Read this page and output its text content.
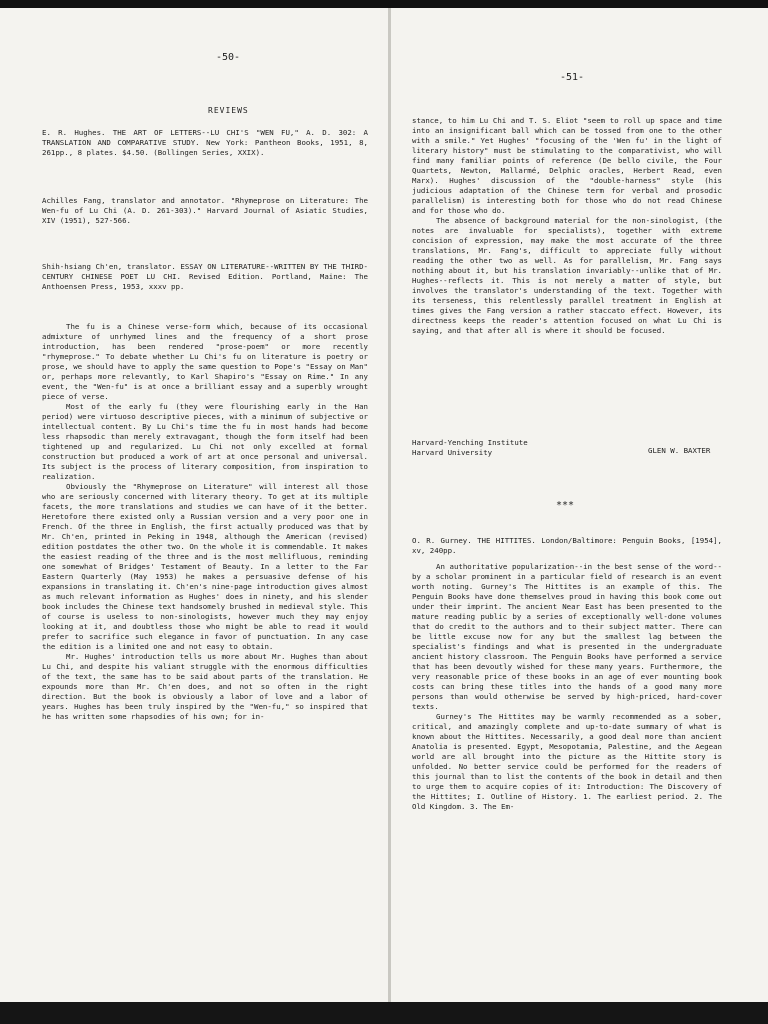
-50-
REVIEWS

E. R. Hughes. THE ART OF LETTERS--LU CHI'S "WEN FU," A. D. 302: A TRANSLATION AND COMPARATIVE STUDY. New York: Pantheon Books, 1951, 8, 261pp., 8 plates. $4.50. (Bollingen Series, XXIX).

Achilles Fang, translator and annotator. "Rhymeprose on Literature: The Wen-fu of Lu Chi (A. D. 261-303)." Harvard Journal of Asiatic Studies, XIV (1951), 527-566.

Shih-hsiang Ch'en, translator. ESSAY ON LITERATURE--WRITTEN BY THE THIRD-CENTURY CHINESE POET LU CHI. Revised Edition. Portland, Maine: The Anthoensen Press, 1953, xxxv pp.

The fu is a Chinese verse-form which, because of its occasional admixture of unrhymed lines and the frequency of a short prose introduction, has been rendered "prose-poem" or more recently "rhymeprose." To debate whether Lu Chi's fu on literature is poetry or prose, we should have to apply the same question to Pope's "Essay on Man" or, perhaps more relevantly, to Karl Shapiro's "Essay on Rime." In any event, the "Wen-fu" is at once a brilliant essay and a superbly wrought piece of verse.

Most of the early fu (they were flourishing early in the Han period) were virtuoso descriptive pieces, with a minimum of subjective or intellectual content. By Lu Chi's time the fu in most hands had become less rhapsodic than merely extravagant, though the form itself had been tightened up and regularized. Lu Chi not only excelled at formal construction but produced a work of art at once personal and universal. Its subject is the process of literary composition, from inspiration to realization.

Obviously the "Rhymeprose on Literature" will interest all those who are seriously concerned with literary theory. To get at its multiple facets, the more translations and studies we can have of it the better. Heretofore there existed only a Russian version and a very poor one in French. Of the three in English, the first actually produced was that by Mr. Ch'en, printed in Peking in 1948, although the American (revised) edition postdates the other two. On the whole it is commendable. It makes the easiest reading of the three and is the most mellifluous, reminding one somewhat of Bridges' Testament of Beauty. In a letter to the Far Eastern Quarterly (May 1953) he makes a persuasive defense of his expansions in translating it. Ch'en's nine-page introduction gives almost as much relevant information as Hughes' does in ninety, and his slender book includes the Chinese text handsomely brushed in medieval style. This of course is useless to non-sinologists, however much they may enjoy looking at it, and doubtless those who might be able to read it would prefer to sacrifice such elegance in favor of punctuation. In any case the edition is a limited one and not easy to obtain.

Mr. Hughes' introduction tells us more about Mr. Hughes than about Lu Chi, and despite his valiant struggle with the enormous difficulties of the text, the same has to be said about parts of the translation. He expounds more than Mr. Ch'en does, and not so often in the right direction. But the book is obviously a labor of love and a labor of years. Hughes has been truly inspired by the "Wen-fu," so inspired that he has written some rhapsodies of his own; for in-

-51-

stance, to him Lu Chi and T. S. Eliot "seem to roll up space and time into an insignificant ball which can be tossed from one to the other with a smile." Yet Hughes' "focusing of the 'Wen fu' in the light of literary history" must be stimulating to the comparativist, who will find many familiar points of reference (De bello civile, the Four Quartets, Newton, Mallarmé, Delphic oracles, Herbert Read, even Marx). Hughes' discussion of the "double-harness" style (his judicious adaptation of the Chinese term for verbal and prosodic parallelism) is interesting both for those who do not read Chinese and for those who do.

The absence of background material for the non-sinologist, (the notes are invaluable for specialists), together with extreme concision of expression, may make the most accurate of the three translations, Mr. Fang's, difficult to appreciate fully without reading the other two as well. As for parallelism, Mr. Fang says nothing about it, but his translation invariably--unlike that of Mr. Hughes--reflects it. This is not merely a matter of style, but involves the translator's understanding of the text. Together with its terseness, this relentlessly parallel treatment in English at times gives the Fang version a rather staccato effect. However, its directness keeps the reader's attention focused on what Lu Chi is saying, and that after all is where it should be focused.

Harvard-Yenching Institute
Harvard University	GLEN W. BAXTER
***

O. R. Gurney. THE HITTITES. London/Baltimore: Penguin Books, [1954], xv, 240pp.

An authoritative popularization--in the best sense of the word--by a scholar prominent in a particular field of research is an event worth noting. Gurney's The Hittites is an example of this. The Penguin Books have done themselves proud in having this book come out under their imprint. The ancient Near East has been presented to the mature reading public by a series of exceptionally well-done volumes that do credit to the authors and to their subject matter. There can be little excuse now for any but the smallest lag between the specialist's findings and what is presented in the undergraduate ancient history classroom. The Penguin Books have performed a service that has been devoutly wished for these many years. Furthermore, the very reasonable price of these books in an age of ever mounting book costs can bring these titles into the hands of a good many more persons than would otherwise be served by high-priced, hard-cover texts.

Gurney's The Hittites may be warmly recommended as a sober, critical, and amazingly complete and up-to-date summary of what is known about the Hittites. Necessarily, a good deal more than ancient Anatolia is presented. Egypt, Mesopotamia, Palestine, and the Aegean world are all brought into the picture as the Hittite story is unfolded. No better service could be performed for the readers of this journal than to list the contents of the book in detail and then to urge them to acquire copies of it: Introduction: The Discovery of the Hittites; I. Outline of History. 1. The earliest period. 2. The Old Kingdom. 3. The Em-
